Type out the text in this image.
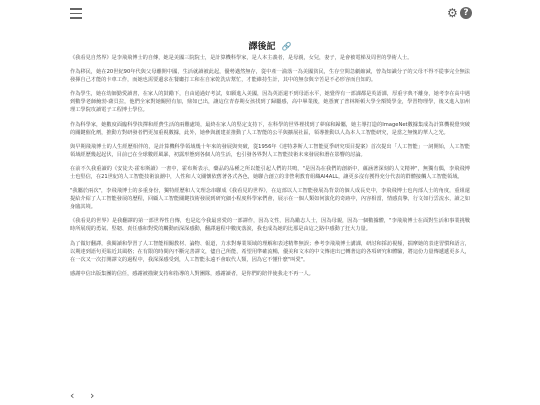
⚙ ?
譯後記 🔗

《我看見自然界》是李飛飛博士的自傳，她是美國三院院士，是計算機科學家，是人本主義者，是母親，女兒，妻子，是會被電梯及周世的學術人士。

作為移民，她在20世紀90年代與父母離開中國，生活就讀被此起，優勢邁然無存，從中產一淪落一為美國貧民，生存空間急劇縮減，曾為知識分子的父母不得不從事完全無法發揮自己才能的卡車工作，而她也需要邊求在餐廳打工和在自家乾洗店幫忙，才能維持生計，其中的無奈與辛苦是不必形容而自知的。

作為學生，她在幼師勤愛讀書，在家人的鼓勵下，自由通過好考試，如願進入美國，因為英語還不到母語水平，她覺得有一部課都是英語課，厚重字典不離身，她考李在高中遇到數學老師鮑勃·薩貝拉，他們全家對她關照有加，鼎如已出，讓這位青春期女孩找到了歸屬感，高中畢業後，她憑實了普林斯頓大學全額獎學金，學習物理學，後又進入加州理工學院攻讀電子工程博士學位。

作為科學家，她數度面臨科學抉擇和經費生活的兩難處境，最終在家人的堅定支持下，在科學的世界裡找到了夢寐和歸屬，她主導打造的ImageNet數據集成為計算機視覺突破的關鍵催化劑，推動方對研發者們更加重視數據，此外，她參與創建並推動了人工智能的公平與擴展社區，領導推動以人為本人工智能研究，是當之無愧的華人之光。

與早期飛飛博士的人生經歷相伴的，是計算機科學領域幾十年來的發展與突破，從1956年《達特茅斯人工智能夏季研究項目提案》首次提出「人工智能」一詞開始，人工智能領域經歷幾起起伏，目前已在全球數經風暴，初露形態到各個人的生活，也引發各界對人工智能技術未來發展和潛在影響的討論。

在前不久我重讀的《安徒夫·霍布斯讀》一書中，霍布斯表示，藥品的品種之所以能引起人們的共鳴，"是因為在我們的創新中，蘊涵著深刻的人文精神"，無獨有偶，李飛飛博士也堅信，在21世紀的人工智能技術浪潮中，人性和人文關懷依舊著各式各色，她聯合創立的非營利教育組織AI4ALL，讓更多沒有獲得充分代表的群體接觸人工智能領域。

"我屬於兩次"，李飛飛博士的多重身份，獨特經歷和人文理念串聯成《我看見的世界》，在這部以人工智能發展為背景的個人成長史中，李飛飛博士也內部人士的角度，重組還提給介紹了人工智能發展的歷程，回顧人工智能關鍵技術發展到研究細小程度科學家們會，展示在一個人類如何演化的奇跡中，內容相當，情感真摯，行文如行雲流水，讀之如身臨其境。

《我看見的世界》是我翻譯的第一部世界性自傳，也是迄今我最喜愛的一部譯作，因為文性，因為勵志人士，因為母親，因為一個數據體，"李飛飛博士在面對生活和事業挑戰時所展現的勇氣、堅韌、責任感和對愛的觸動而深深感動，翻譯過程中數度落淚，我也成為她的比那是由這之路中感動了狂大力量。

為了做好翻譯，我閱讀和學習了人工智能相關教材、論物、報道，力求對專業領域的理解和表述精準無誤；參考李飛飛博士講課，研討和採訪視頻，揣摩她的表達習慣和語言，以期達到語句更貼近其風格；在有限的時間內不斷完善譯文，儘自己所能，希望用準確流暢，優美和文本的中文傳達出已轉著這的各項研究和體驗，將這份力量傳遞遞更多人，在一次又一次打開譯文的過程中，我深深感受到，人工智能永遠不會取代人類，因為它不懂什麼"叫愛"。

感謝中信出版集團的信任，感謝被描聚支持和指導的人對團隊，感謝讀者，是你們的陪伴使我走不再一人。

‹	›
